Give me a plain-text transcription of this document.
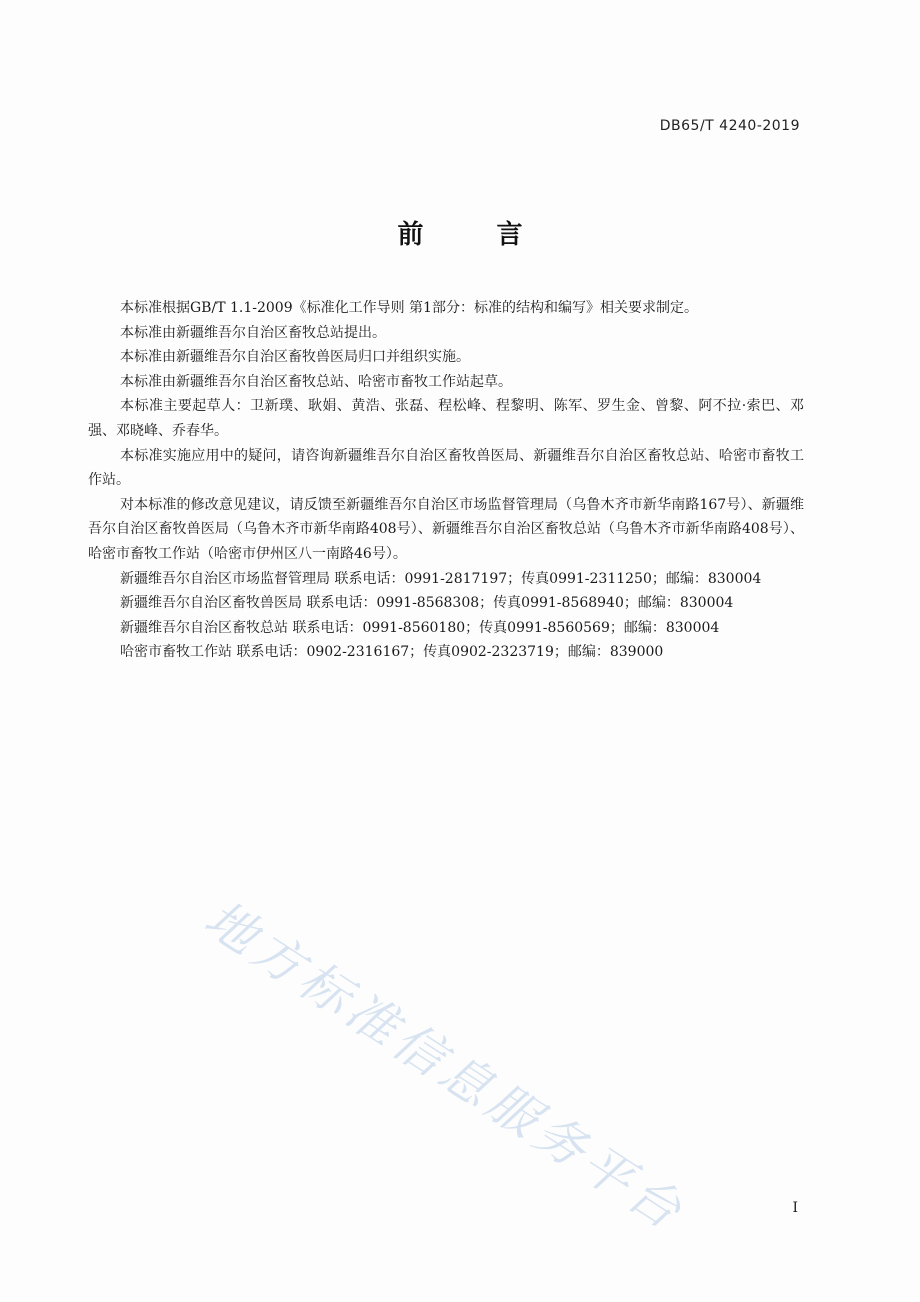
DB65/T 4240-2019
前 言

本标准根据GB/T 1.1-2009《标准化工作导则 第1部分：标准的结构和编写》相关要求制定。

本标准由新疆维吾尔自治区畜牧总站提出。

本标准由新疆维吾尔自治区畜牧兽医局归口并组织实施。

本标准由新疆维吾尔自治区畜牧总站、哈密市畜牧工作站起草。

本标准主要起草人：卫新璞、耿娟、黄浩、张磊、程松峰、程黎明、陈军、罗生金、曾黎、阿不拉·索巴、邓强、邓晓峰、乔春华。

本标准实施应用中的疑问，请咨询新疆维吾尔自治区畜牧兽医局、新疆维吾尔自治区畜牧总站、哈密市畜牧工作站。

对本标准的修改意见建议，请反馈至新疆维吾尔自治区市场监督管理局（乌鲁木齐市新华南路167号）、新疆维吾尔自治区畜牧兽医局（乌鲁木齐市新华南路408号）、新疆维吾尔自治区畜牧总站（乌鲁木齐市新华南路408号）、哈密市畜牧工作站（哈密市伊州区八一南路46号）。

新疆维吾尔自治区市场监督管理局 联系电话：0991-2817197；传真0991-2311250；邮编：830004

新疆维吾尔自治区畜牧兽医局 联系电话：0991-8568308；传真0991-8568940；邮编：830004

新疆维吾尔自治区畜牧总站 联系电话：0991-8560180；传真0991-8560569；邮编：830004

哈密市畜牧工作站 联系电话：0902-2316167；传真0902-2323719；邮编：839000

地方标准信息服务平台	I
